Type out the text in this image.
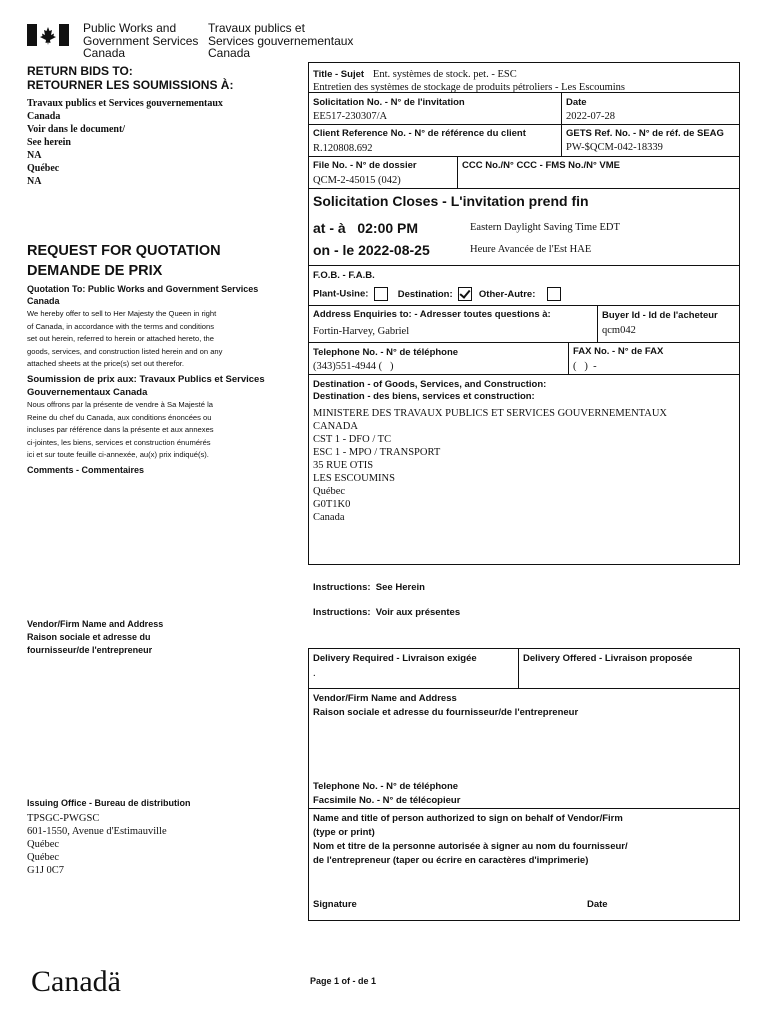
Public Works and
Government Services
Canada
Travaux publics et
Services gouvernementaux
Canada
RETURN BIDS TO:
RETOURNER LES SOUMISSIONS À:
Travaux publics et Services gouvernementaux
Canada
Voir dans le document/
See herein
NA
Québec
NA
REQUEST FOR QUOTATION
DEMANDE DE PRIX
Quotation To: Public Works and Government Services Canada
We hereby offer to sell to Her Majesty the Queen in right
of Canada, in accordance with the terms and conditions
set out herein, referred to herein or attached hereto, the
goods, services, and construction listed herein and on any
attached sheets at the price(s) set out therefor.
Soumission de prix aux: Travaux Publics et Services Gouvernementaux Canada
Nous offrons par la présente de vendre à Sa Majesté la
Reine du chef du Canada, aux conditions énoncées ou
incluses par référence dans la présente et aux annexes
ci-jointes, les biens, services et construction énumérés
ici et sur toute feuille ci-annexée, au(x) prix indiqué(s).
Comments - Commentaires
Vendor/Firm Name and Address
Raison sociale et adresse du
fournisseur/de l'entrepreneur
Issuing Office - Bureau de distribution
TPSGC-PWGSC
601-1550, Avenue d'Estimauville
Québec
Québec
G1J 0C7
Canadä	Page 1 of - de 1
Title - Sujet Ent. systèmes de stock. pet. - ESC
Entretien des systèmes de stockage de produits pétroliers - Les Escoumins
Solicitation No. - N° de l'invitation
EE517-230307/A
Date
2022-07-28
Client Reference No. - N° de référence du client
R.120808.692
GETS Ref. No. - N° de réf. de SEAG
PW-$QCM-042-18339
File No. - N° de dossier
QCM-2-45015 (042)
CCC No./N° CCC - FMS No./N° VME
Solicitation Closes - L'invitation prend fin
at - à   02:00 PM
on - le 2022-08-25
Eastern Daylight Saving Time EDT
Heure Avancée de l'Est HAE
F.O.B. - F.A.B.
Plant-Usine:	Destination:	Other-Autre:
Address Enquiries to: - Adresser toutes questions à:
Fortin-Harvey, Gabriel
Buyer Id - Id de l'acheteur
qcm042
Telephone No. - N° de téléphone
(343)551-4944 (   )
FAX No. - N° de FAX
(   )  -
Destination - of Goods, Services, and Construction:
Destination - des biens, services et construction:
MINISTERE DES TRAVAUX PUBLICS ET SERVICES GOUVERNEMENTAUX
CANADA
CST 1 - DFO / TC
ESC 1 - MPO / TRANSPORT
35 RUE OTIS
LES ESCOUMINS
Québec
G0T1K0
Canada
Instructions:  See Herein
Instructions:  Voir aux présentes
Delivery Required - Livraison exigée
.
Delivery Offered - Livraison proposée
Vendor/Firm Name and Address
Raison sociale et adresse du fournisseur/de l'entrepreneur
Telephone No. - N° de téléphone
Facsimile No. - N° de télécopieur
Name and title of person authorized to sign on behalf of Vendor/Firm
(type or print)
Nom et titre de la personne autorisée à signer au nom du fournisseur/
de l'entrepreneur (taper ou écrire en caractères d'imprimerie)
Signature	Date
